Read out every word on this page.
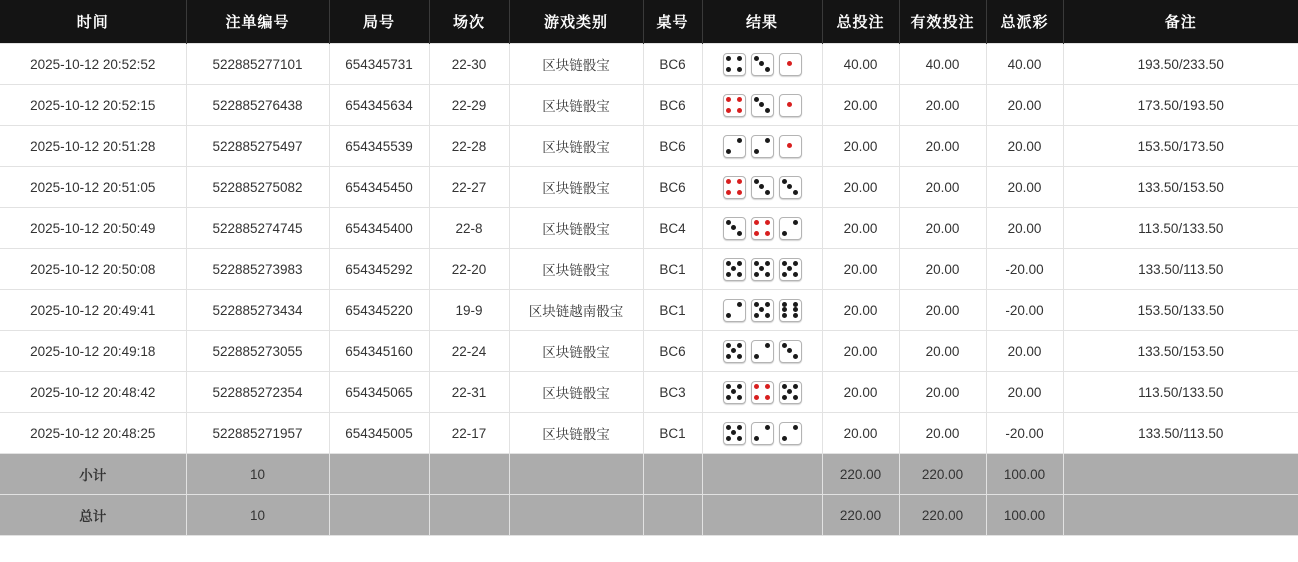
时间	注单编号	局号	场次	游戏类别	桌号	结果	总投注	有效投注	总派彩	备注
2025-10-12 20:52:52	522885277101	654345731	22-30	区块链骰宝	BC6		40.00	40.00	40.00	193.50/233.50
2025-10-12 20:52:15	522885276438	654345634	22-29	区块链骰宝	BC6		20.00	20.00	20.00	173.50/193.50
2025-10-12 20:51:28	522885275497	654345539	22-28	区块链骰宝	BC6		20.00	20.00	20.00	153.50/173.50
2025-10-12 20:51:05	522885275082	654345450	22-27	区块链骰宝	BC6		20.00	20.00	20.00	133.50/153.50
2025-10-12 20:50:49	522885274745	654345400	22-8	区块链骰宝	BC4		20.00	20.00	20.00	113.50/133.50
2025-10-12 20:50:08	522885273983	654345292	22-20	区块链骰宝	BC1		20.00	20.00	-20.00	133.50/113.50
2025-10-12 20:49:41	522885273434	654345220	19-9	区块链越南骰宝	BC1		20.00	20.00	-20.00	153.50/133.50
2025-10-12 20:49:18	522885273055	654345160	22-24	区块链骰宝	BC6		20.00	20.00	20.00	133.50/153.50
2025-10-12 20:48:42	522885272354	654345065	22-31	区块链骰宝	BC3		20.00	20.00	20.00	113.50/133.50
2025-10-12 20:48:25	522885271957	654345005	22-17	区块链骰宝	BC1		20.00	20.00	-20.00	133.50/113.50
小计	10						220.00	220.00	100.00	
总计	10						220.00	220.00	100.00	
